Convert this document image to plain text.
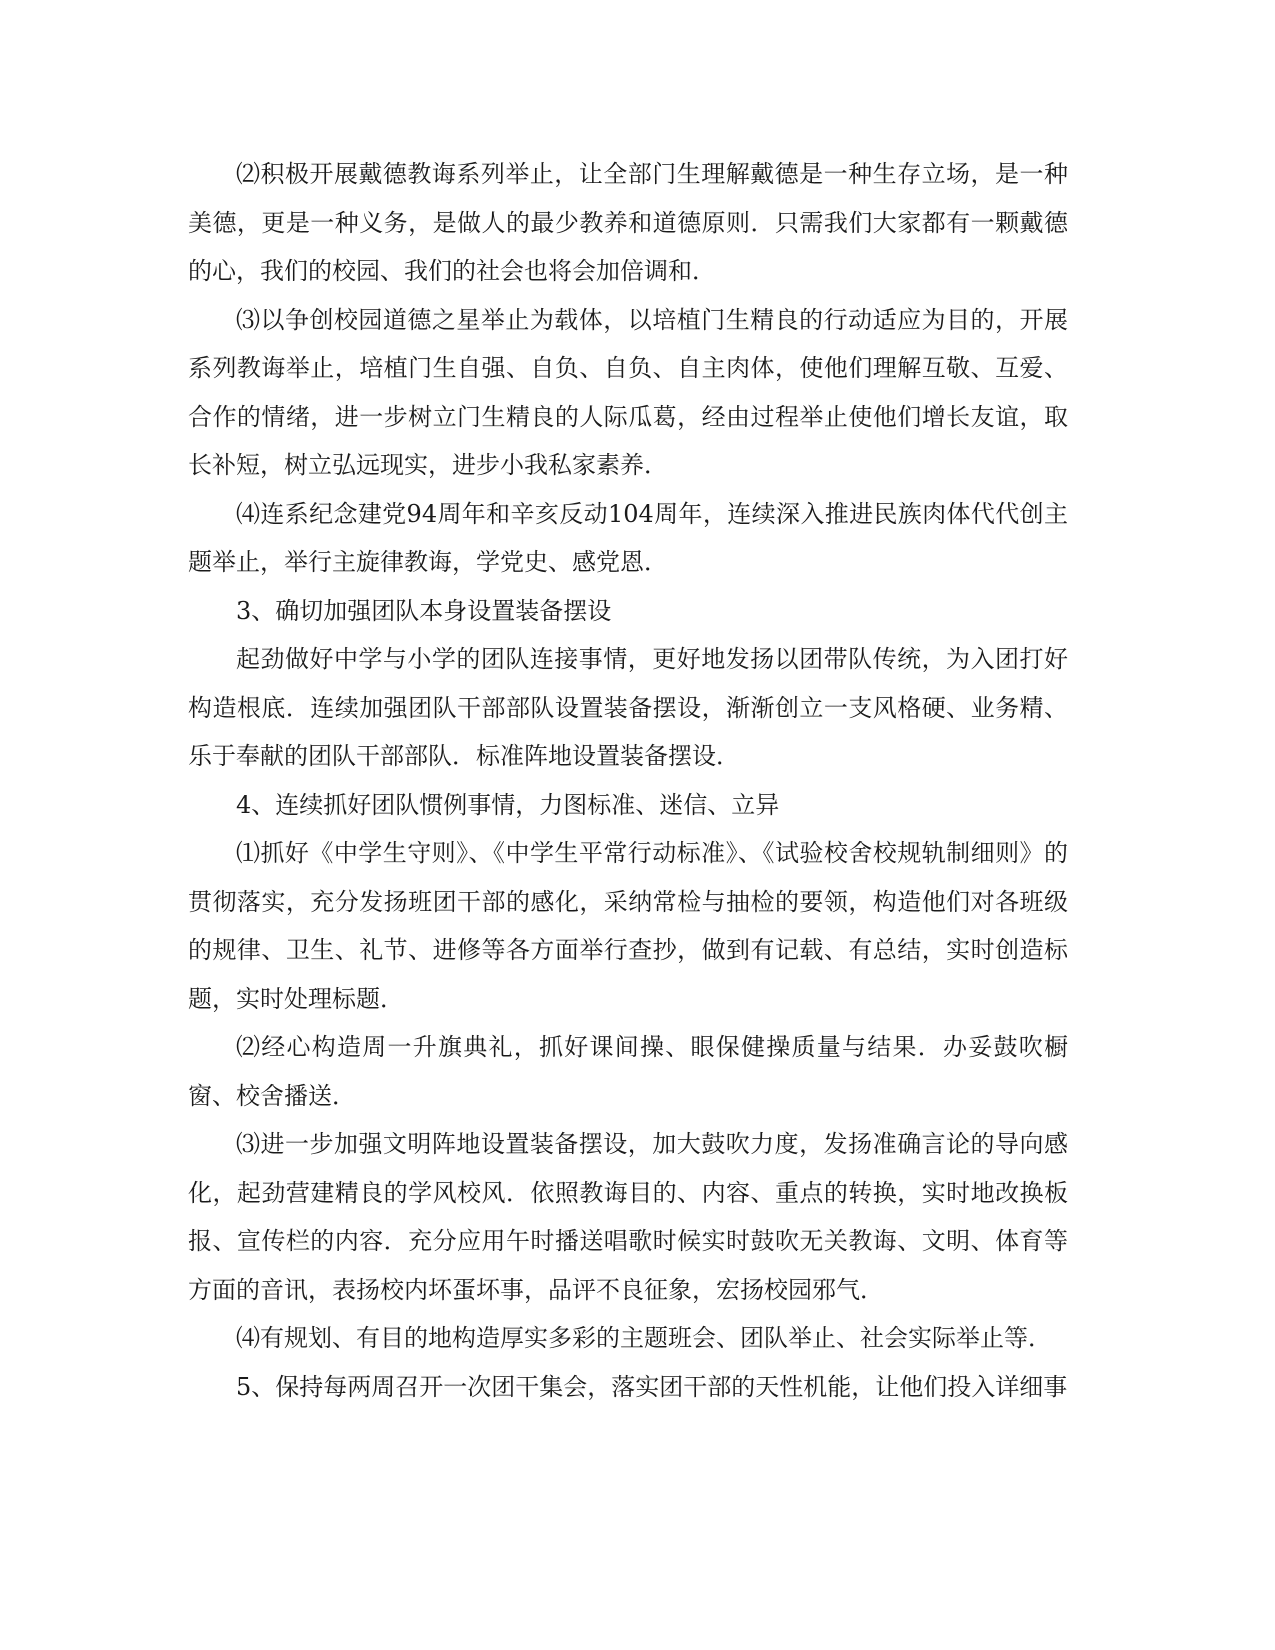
⑵积极开展戴德教诲系列举止，让全部门生理解戴德是一种生存立场，是一种美德，更是一种义务，是做人的最少教养和道德原则．只需我们大家都有一颗戴德的心，我们的校园、我们的社会也将会加倍调和．

⑶以争创校园道德之星举止为载体，以培植门生精良的行动适应为目的，开展系列教诲举止，培植门生自强、自负、自负、自主肉体，使他们理解互敬、互爱、合作的情绪，进一步树立门生精良的人际瓜葛，经由过程举止使他们增长友谊，取长补短，树立弘远现实，进步小我私家素养．

⑷连系纪念建党94周年和辛亥反动104周年，连续深入推进民族肉体代代创主题举止，举行主旋律教诲，学党史、感党恩．

3、确切加强团队本身设置装备摆设

起劲做好中学与小学的团队连接事情，更好地发扬以团带队传统，为入团打好构造根底．连续加强团队干部部队设置装备摆设，渐渐创立一支风格硬、业务精、乐于奉献的团队干部部队．标准阵地设置装备摆设．

4、连续抓好团队惯例事情，力图标准、迷信、立异

⑴抓好《中学生守则》、《中学生平常行动标准》、《试验校舍校规轨制细则》的贯彻落实，充分发扬班团干部的感化，采纳常检与抽检的要领，构造他们对各班级的规律、卫生、礼节、进修等各方面举行查抄，做到有记载、有总结，实时创造标题，实时处理标题．

⑵经心构造周一升旗典礼，抓好课间操、眼保健操质量与结果．办妥鼓吹橱窗、校舍播送．

⑶进一步加强文明阵地设置装备摆设，加大鼓吹力度，发扬准确言论的导向感化，起劲营建精良的学风校风．依照教诲目的、内容、重点的转换，实时地改换板报、宣传栏的内容．充分应用午时播送唱歌时候实时鼓吹无关教诲、文明、体育等方面的音讯，表扬校内坏蛋坏事，品评不良征象，宏扬校园邪气．

⑷有规划、有目的地构造厚实多彩的主题班会、团队举止、社会实际举止等．

5、保持每两周召开一次团干集会，落实团干部的天性机能，让他们投入详细事
